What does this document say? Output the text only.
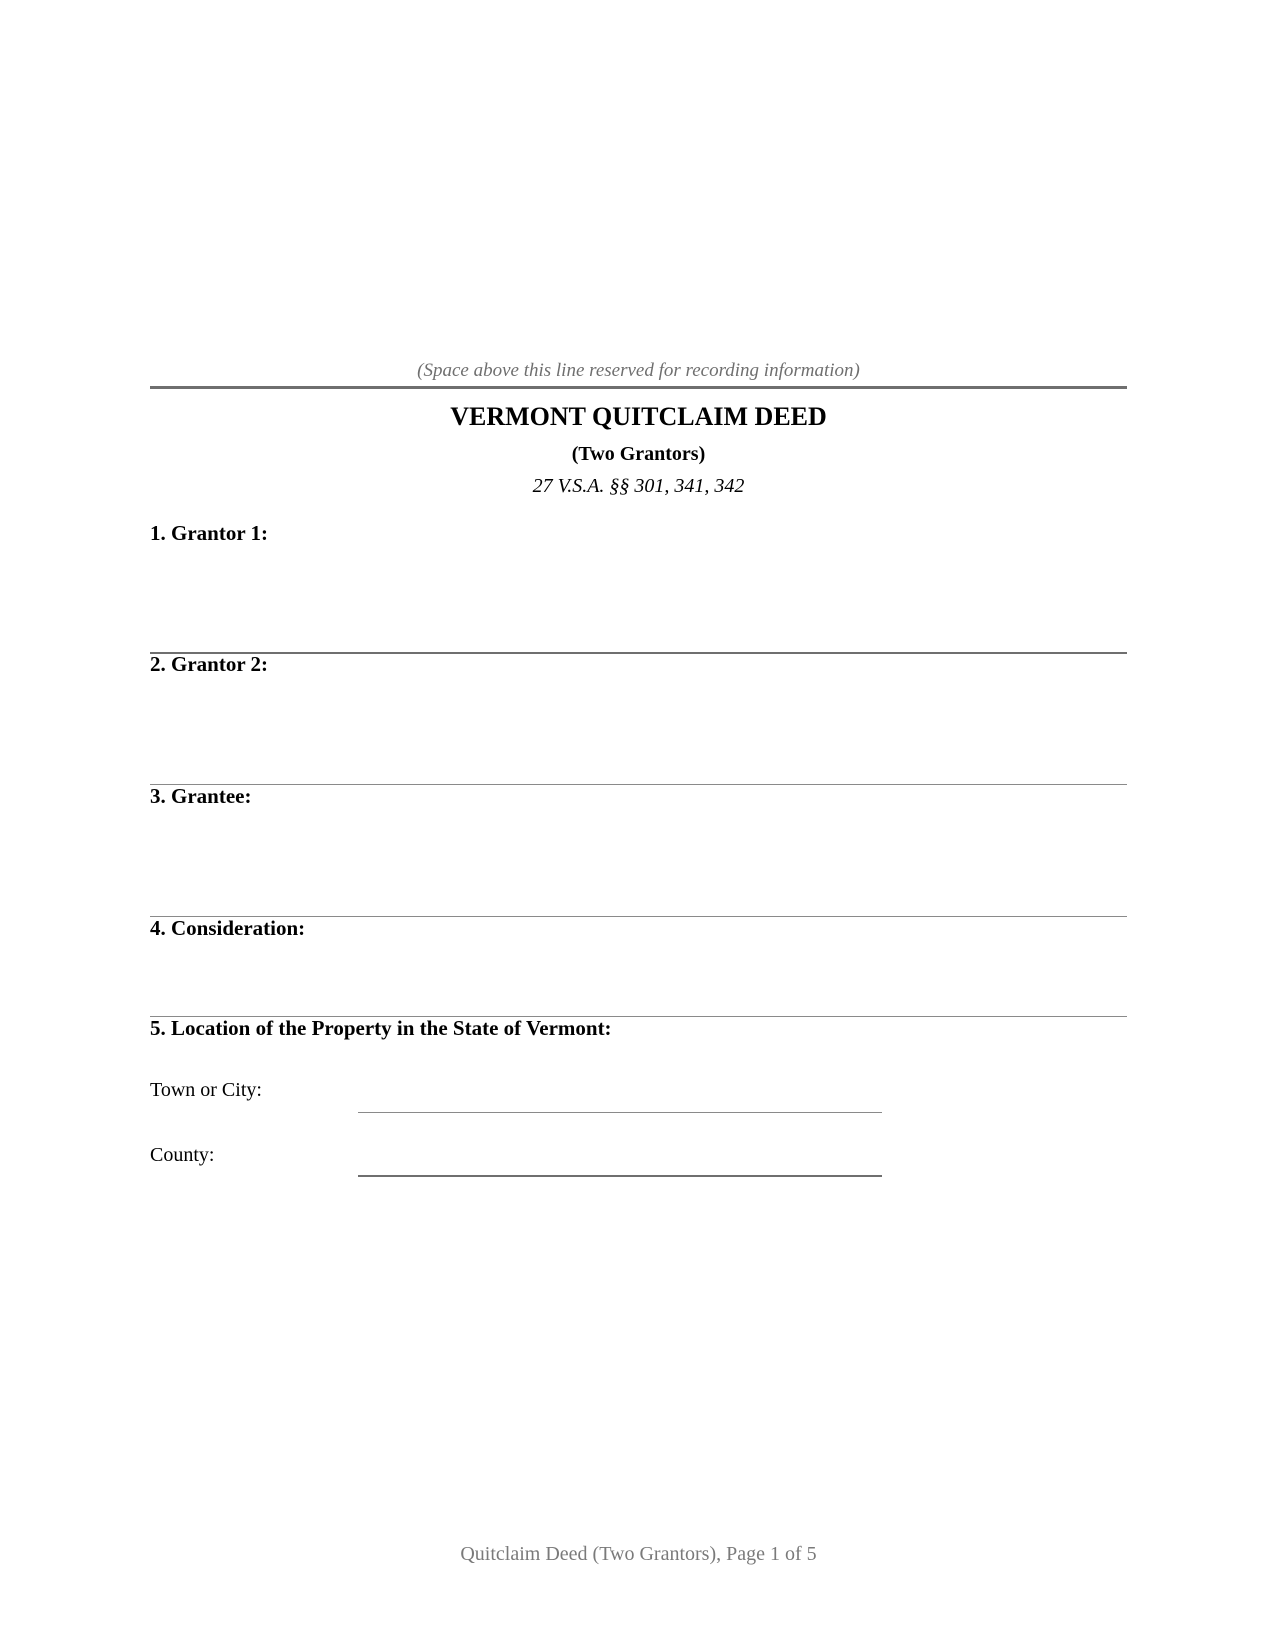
(Space above this line reserved for recording information)
VERMONT QUITCLAIM DEED
(Two Grantors)
27 V.S.A. §§ 301, 341, 342
1. Grantor 1:
2. Grantor 2:
3. Grantee:
4. Consideration:
5. Location of the Property in the State of Vermont:
Town or City:
County:
Quitclaim Deed (Two Grantors), Page 1 of 5
